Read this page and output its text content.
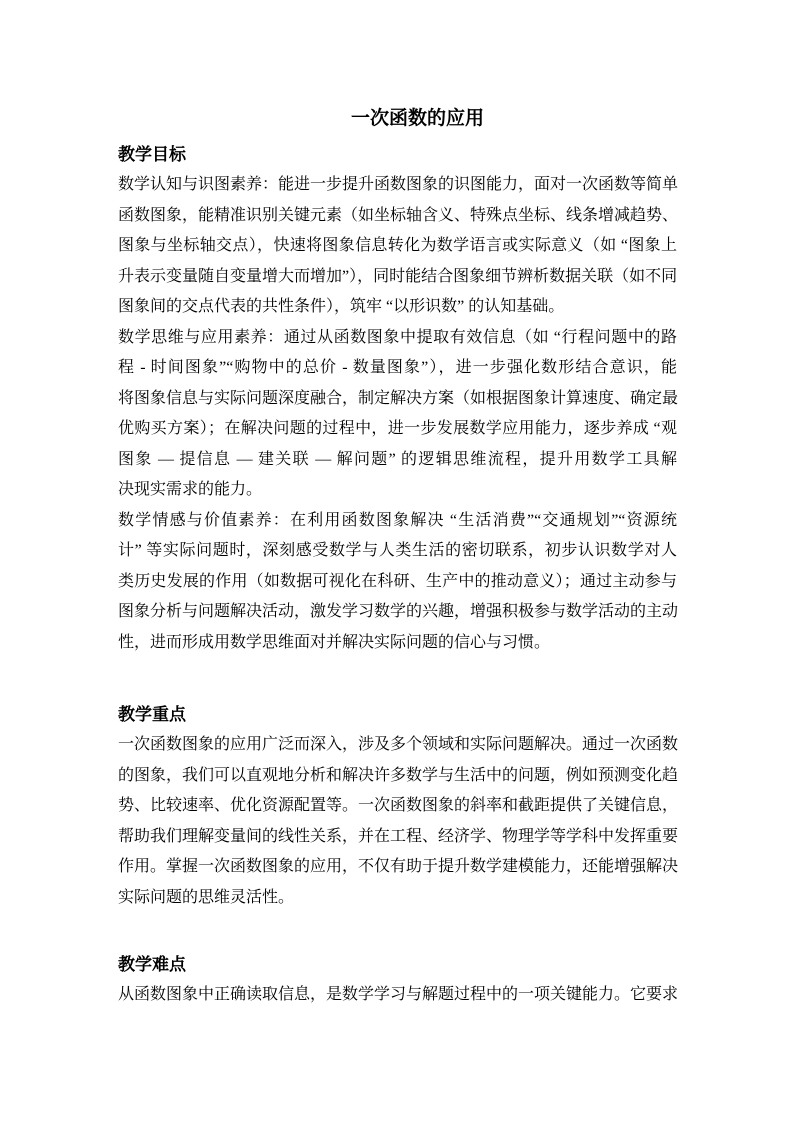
一次函数的应用
教学目标
数学认知与识图素养：能进一步提升函数图象的识图能力，面对一次函数等简单
函数图象，能精准识别关键元素（如坐标轴含义、特殊点坐标、线条增减趋势、
图象与坐标轴交点），快速将图象信息转化为数学语言或实际意义（如 “图象上
升表示变量随自变量增大而增加”），同时能结合图象细节辨析数据关联（如不同
图象间的交点代表的共性条件），筑牢 “以形识数” 的认知基础。
数学思维与应用素养：通过从函数图象中提取有效信息（如 “行程问题中的路
程 - 时间图象”“购物中的总价 - 数量图象”），进一步强化数形结合意识，能
将图象信息与实际问题深度融合，制定解决方案（如根据图象计算速度、确定最
优购买方案）；在解决问题的过程中，进一步发展数学应用能力，逐步养成 “观
图象 — 提信息 — 建关联 — 解问题” 的逻辑思维流程，提升用数学工具解
决现实需求的能力。
数学情感与价值素养：在利用函数图象解决 “生活消费”“交通规划”“资源统
计” 等实际问题时，深刻感受数学与人类生活的密切联系，初步认识数学对人
类历史发展的作用（如数据可视化在科研、生产中的推动意义）；通过主动参与
图象分析与问题解决活动，激发学习数学的兴趣，增强积极参与数学活动的主动
性，进而形成用数学思维面对并解决实际问题的信心与习惯。
教学重点
一次函数图象的应用广泛而深入，涉及多个领域和实际问题解决。通过一次函数
的图象，我们可以直观地分析和解决许多数学与生活中的问题，例如预测变化趋
势、比较速率、优化资源配置等。一次函数图象的斜率和截距提供了关键信息，
帮助我们理解变量间的线性关系，并在工程、经济学、物理学等学科中发挥重要
作用。掌握一次函数图象的应用，不仅有助于提升数学建模能力，还能增强解决
实际问题的思维灵活性。
教学难点
从函数图象中正确读取信息，是数学学习与解题过程中的一项关键能力。它要求
